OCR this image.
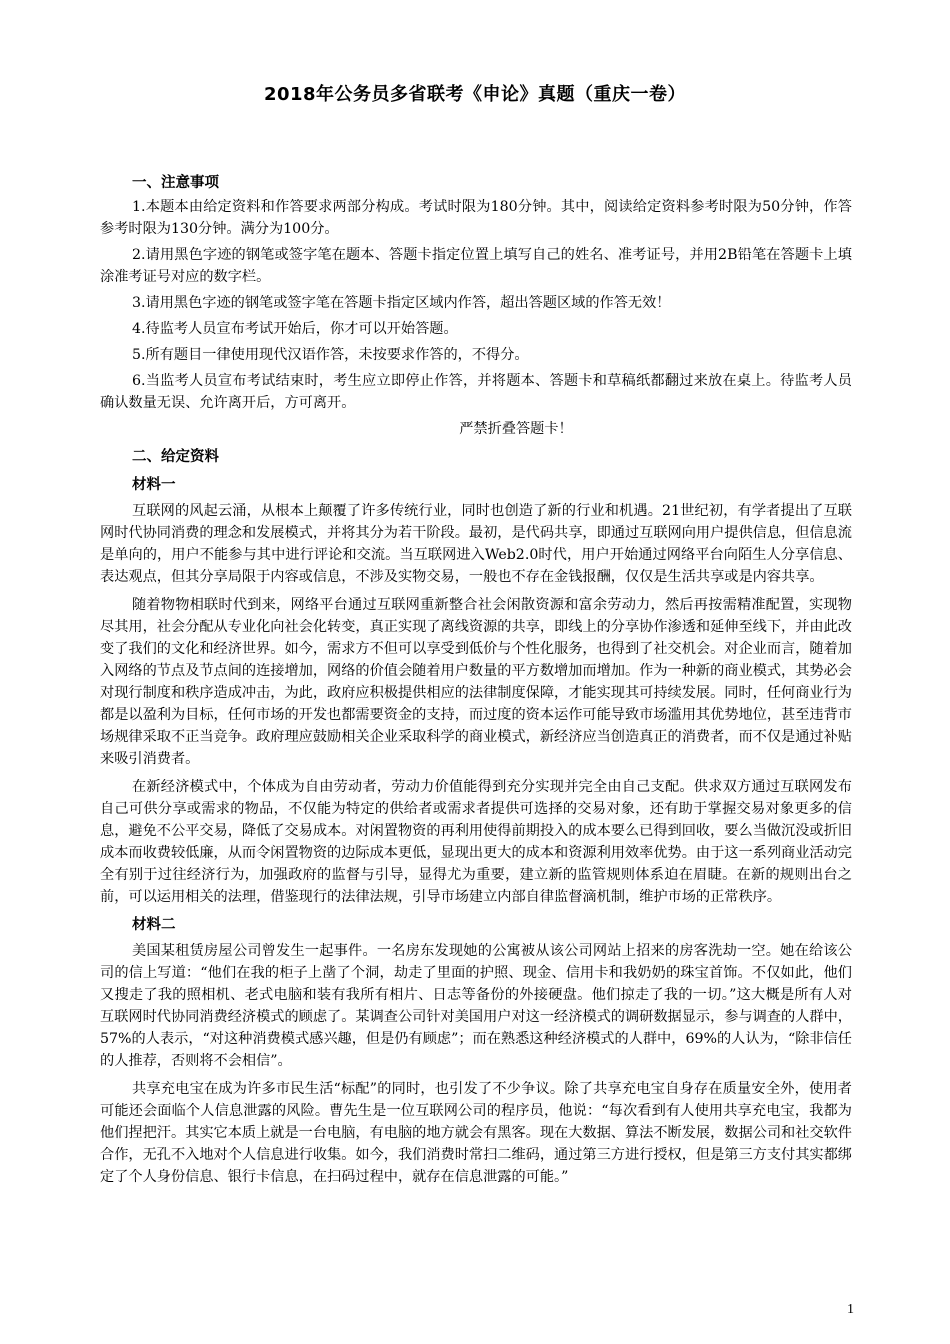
2018年公务员多省联考《申论》真题（重庆一卷）
一、注意事项

1.本题本由给定资料和作答要求两部分构成。考试时限为180分钟。其中，阅读给定资料参考时限为50分钟，作答参考时限为130分钟。满分为100分。

2.请用黑色字迹的钢笔或签字笔在题本、答题卡指定位置上填写自己的姓名、准考证号，并用2B铅笔在答题卡上填涂准考证号对应的数字栏。

3.请用黑色字迹的钢笔或签字笔在答题卡指定区域内作答，超出答题区域的作答无效！

4.待监考人员宣布考试开始后，你才可以开始答题。

5.所有题目一律使用现代汉语作答，未按要求作答的，不得分。

6.当监考人员宣布考试结束时，考生应立即停止作答，并将题本、答题卡和草稿纸都翻过来放在桌上。待监考人员确认数量无误、允许离开后，方可离开。

严禁折叠答题卡！
二、给定资料
材料一

互联网的风起云涌，从根本上颠覆了许多传统行业，同时也创造了新的行业和机遇。21世纪初，有学者提出了互联网时代协同消费的理念和发展模式，并将其分为若干阶段。最初，是代码共享，即通过互联网向用户提供信息，但信息流是单向的，用户不能参与其中进行评论和交流。当互联网进入Web2.0时代，用户开始通过网络平台向陌生人分享信息、表达观点，但其分享局限于内容或信息，不涉及实物交易，一般也不存在金钱报酬，仅仅是生活共享或是内容共享。

随着物物相联时代到来，网络平台通过互联网重新整合社会闲散资源和富余劳动力，然后再按需精准配置，实现物尽其用，社会分配从专业化向社会化转变，真正实现了离线资源的共享，即线上的分享协作渗透和延伸至线下，并由此改变了我们的文化和经济世界。如今，需求方不但可以享受到低价与个性化服务，也得到了社交机会。对企业而言，随着加入网络的节点及节点间的连接增加，网络的价值会随着用户数量的平方数增加而增加。作为一种新的商业模式，其势必会对现行制度和秩序造成冲击，为此，政府应积极提供相应的法律制度保障，才能实现其可持续发展。同时，任何商业行为都是以盈利为目标，任何市场的开发也都需要资金的支持，而过度的资本运作可能导致市场滥用其优势地位，甚至违背市场规律采取不正当竞争。政府理应鼓励相关企业采取科学的商业模式，新经济应当创造真正的消费者，而不仅是通过补贴来吸引消费者。

在新经济模式中，个体成为自由劳动者，劳动力价值能得到充分实现并完全由自己支配。供求双方通过互联网发布自己可供分享或需求的物品，不仅能为特定的供给者或需求者提供可选择的交易对象，还有助于掌握交易对象更多的信息，避免不公平交易，降低了交易成本。对闲置物资的再利用使得前期投入的成本要么已得到回收，要么当做沉没或折旧成本而收费较低廉，从而令闲置物资的边际成本更低，显现出更大的成本和资源利用效率优势。由于这一系列商业活动完全有别于过往经济行为，加强政府的监督与引导，显得尤为重要，建立新的监管规则体系迫在眉睫。在新的规则出台之前，可以运用相关的法理，借鉴现行的法律法规，引导市场建立内部自律监督滴机制，维护市场的正常秩序。

材料二

美国某租赁房屋公司曾发生一起事件。一名房东发现她的公寓被从该公司网站上招来的房客洗劫一空。她在给该公司的信上写道：“他们在我的柜子上凿了个洞，劫走了里面的护照、现金、信用卡和我奶奶的珠宝首饰。不仅如此，他们又搜走了我的照相机、老式电脑和装有我所有相片、日志等备份的外接硬盘。他们掠走了我的一切。”这大概是所有人对互联网时代协同消费经济模式的顾虑了。某调查公司针对美国用户对这一经济模式的调研数据显示，参与调查的人群中，57%的人表示，“对这种消费模式感兴趣，但是仍有顾虑”；而在熟悉这种经济模式的人群中，69%的人认为，“除非信任的人推荐，否则将不会相信”。

共享充电宝在成为许多市民生活“标配”的同时，也引发了不少争议。除了共享充电宝自身存在质量安全外，使用者可能还会面临个人信息泄露的风险。曹先生是一位互联网公司的程序员，他说：“每次看到有人使用共享充电宝，我都为他们捏把汗。其实它本质上就是一台电脑，有电脑的地方就会有黑客。现在大数据、算法不断发展，数据公司和社交软件合作，无孔不入地对个人信息进行收集。如今，我们消费时常扫二维码，通过第三方进行授权，但是第三方支付其实都绑定了个人身份信息、银行卡信息，在扫码过程中，就存在信息泄露的可能。”

1
